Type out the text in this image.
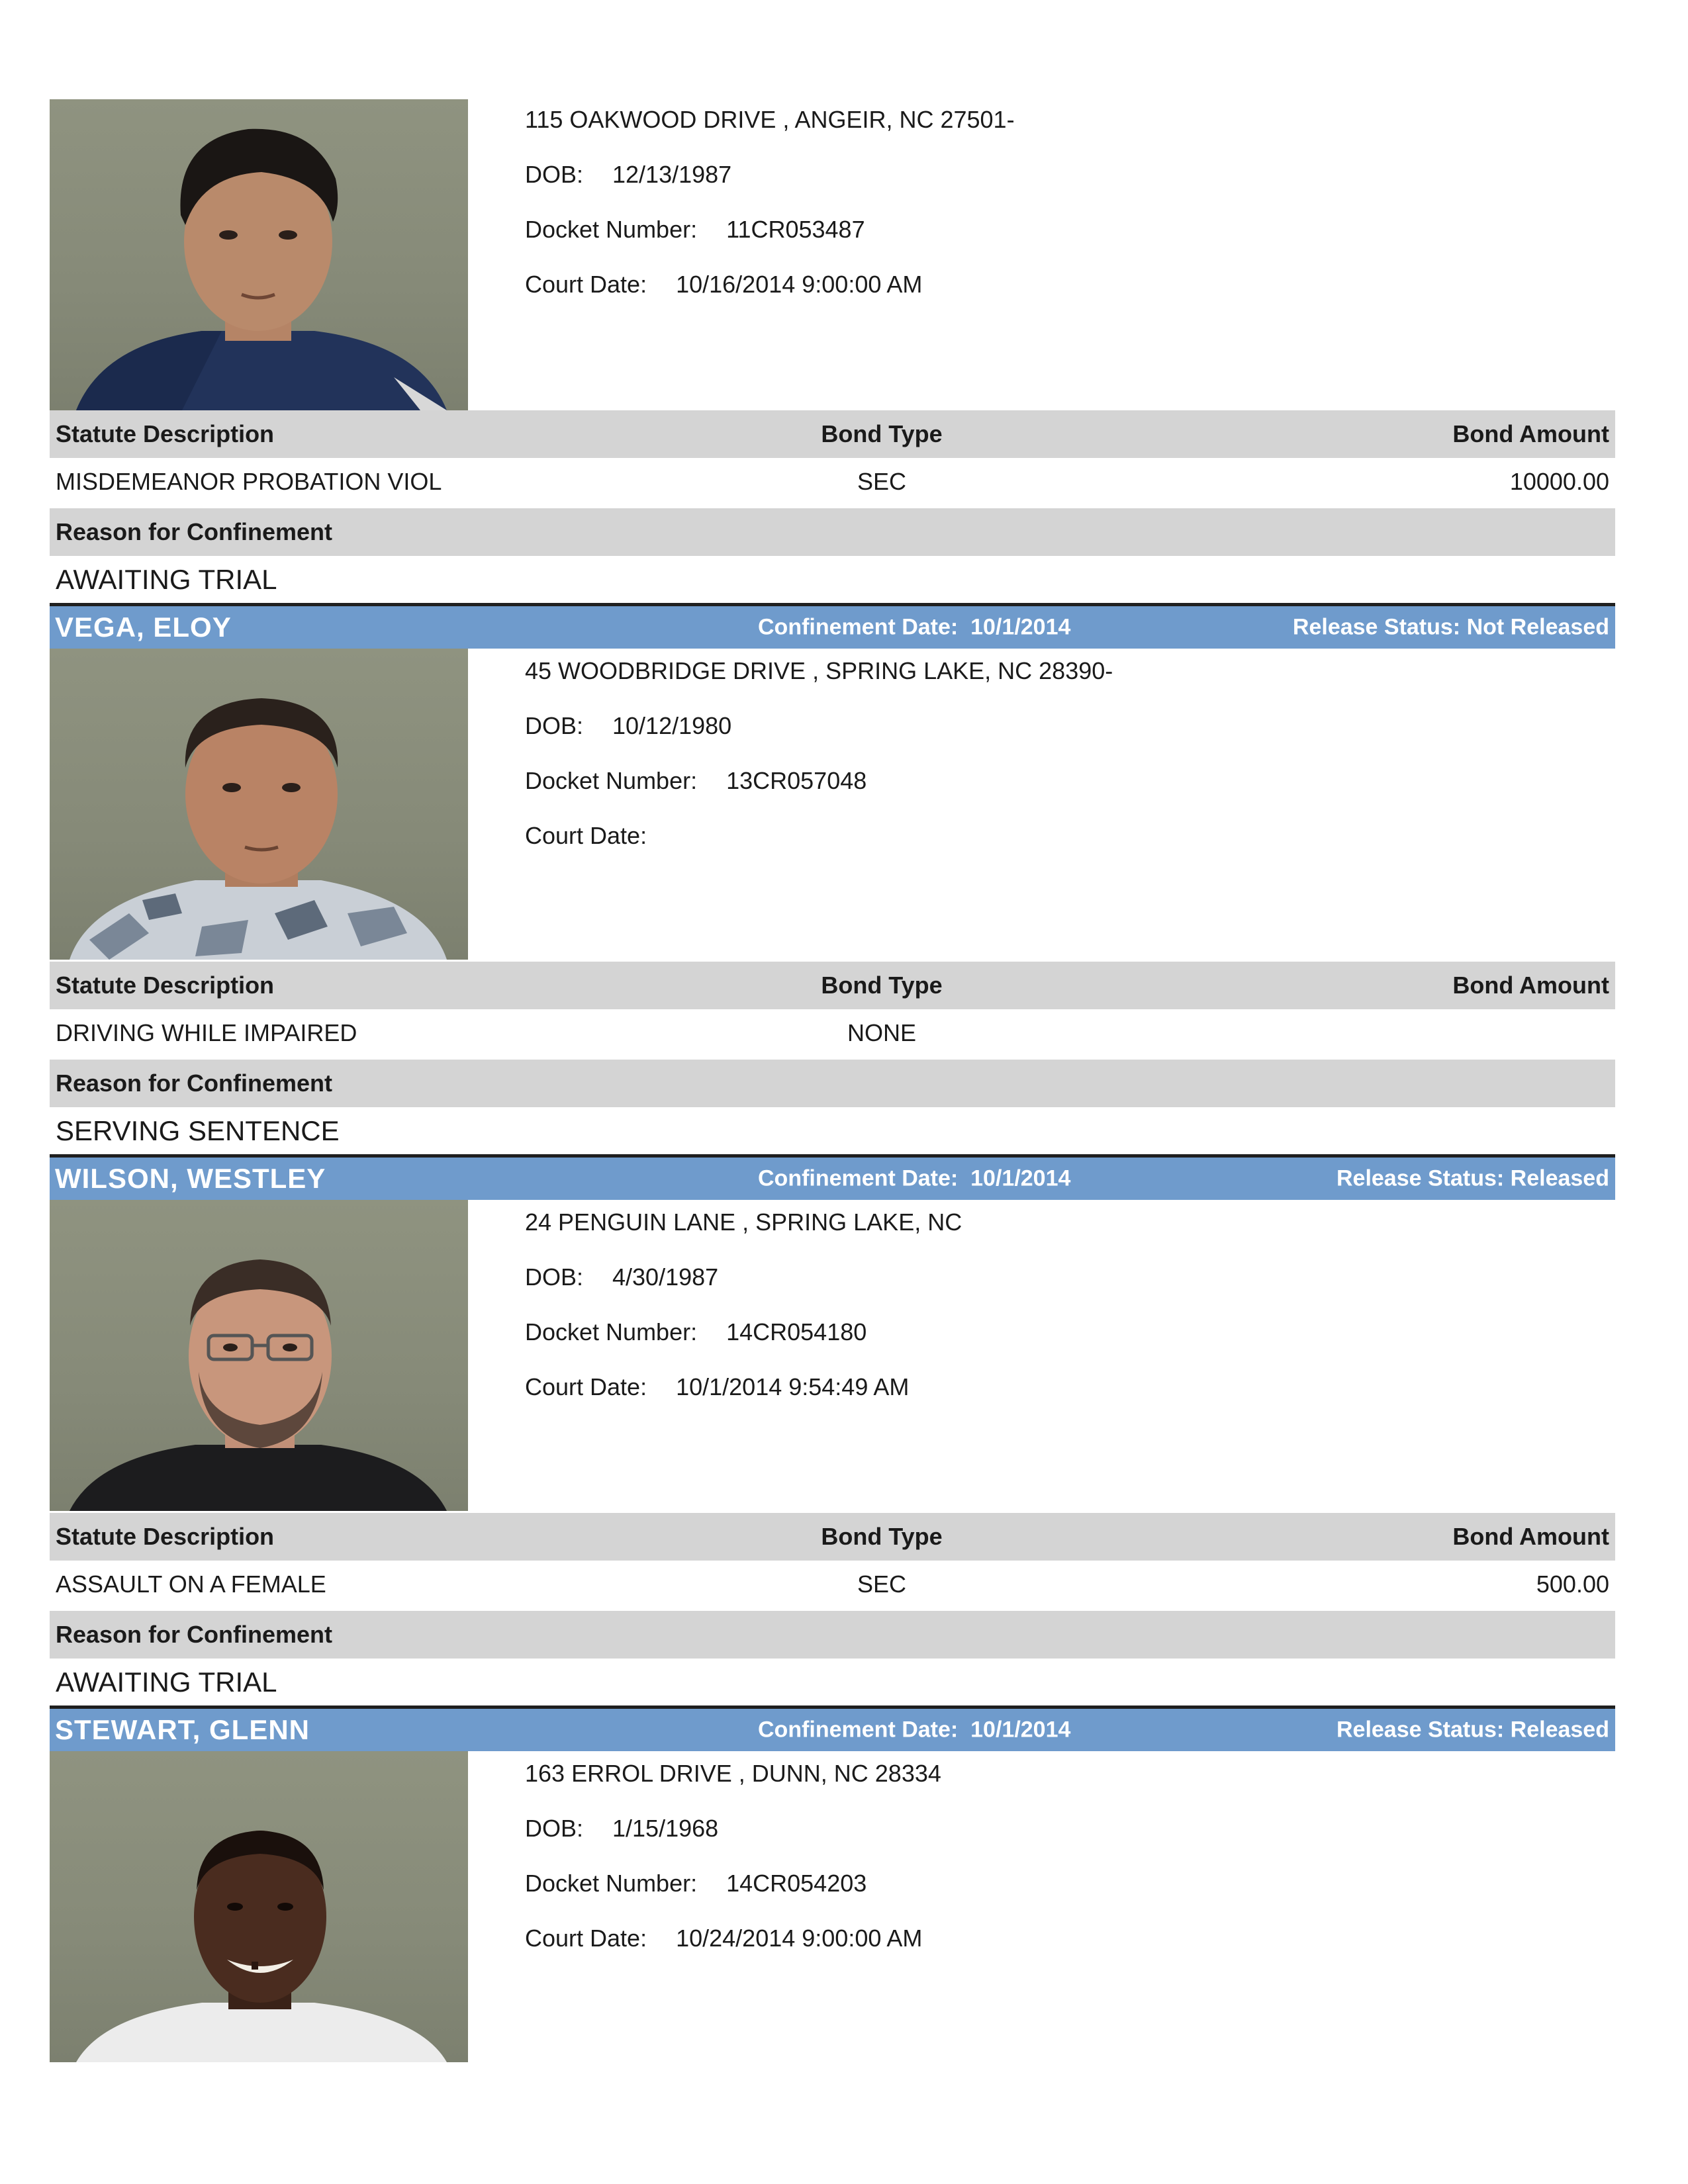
115 OAKWOOD DRIVE , ANGEIR, NC 27501-
DOB: 12/13/1987
Docket Number: 11CR053487
Court Date: 10/16/2014 9:00:00 AM
Statute Description	Bond Type	Bond Amount
MISDEMEANOR PROBATION VIOL	SEC	10000.00
Reason for Confinement
AWAITING TRIAL
VEGA, ELOY	Confinement Date: 10/1/2014	Release Status: Not Released
45 WOODBRIDGE DRIVE , SPRING LAKE, NC 28390-
DOB: 10/12/1980
Docket Number: 13CR057048
Court Date:
Statute Description	Bond Type	Bond Amount
DRIVING WHILE IMPAIRED	NONE
Reason for Confinement
SERVING SENTENCE
WILSON, WESTLEY	Confinement Date: 10/1/2014	Release Status: Released
24 PENGUIN LANE , SPRING LAKE, NC
DOB: 4/30/1987
Docket Number: 14CR054180
Court Date: 10/1/2014 9:54:49 AM
Statute Description	Bond Type	Bond Amount
ASSAULT ON A FEMALE	SEC	500.00
Reason for Confinement
AWAITING TRIAL
STEWART, GLENN	Confinement Date: 10/1/2014	Release Status: Released
163 ERROL DRIVE , DUNN, NC 28334
DOB: 1/15/1968
Docket Number: 14CR054203
Court Date: 10/24/2014 9:00:00 AM
